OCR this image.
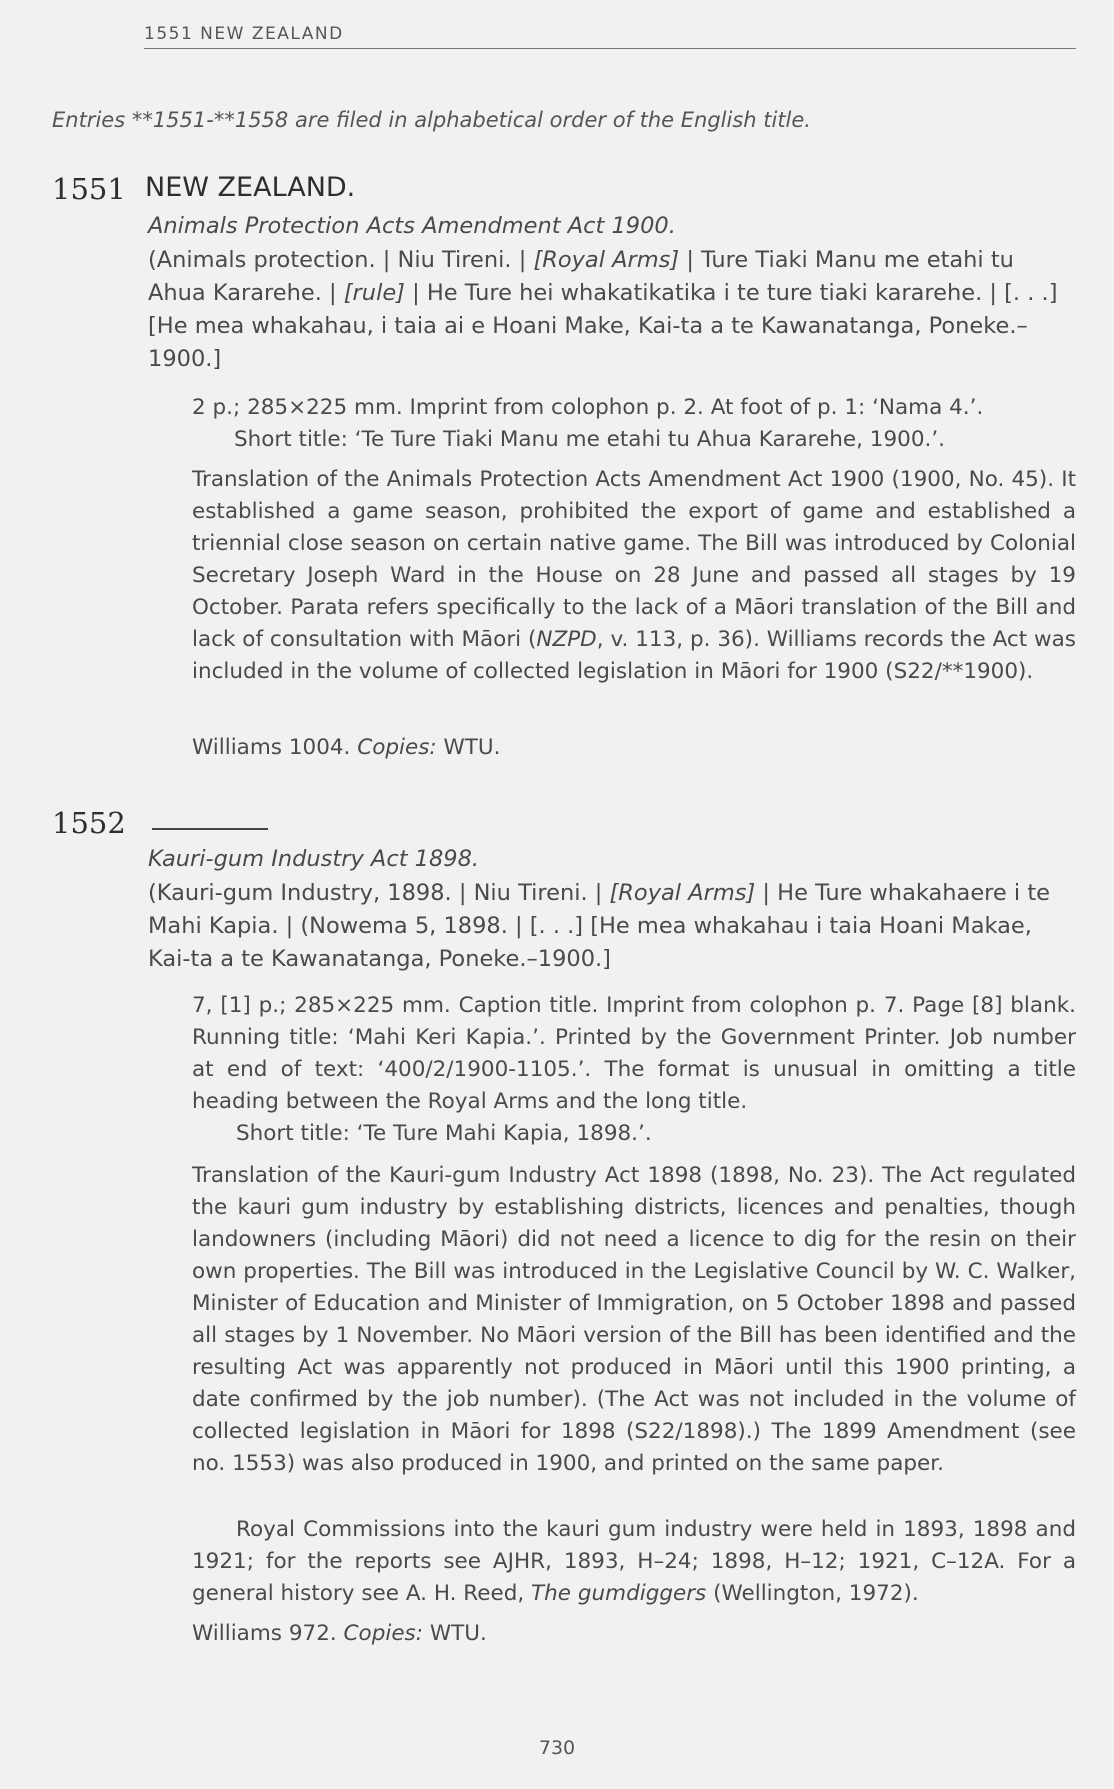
1551 NEW ZEALAND
Entries **1551-**1558 are filed in alphabetical order of the English title.
1551 NEW ZEALAND.
Animals Protection Acts Amendment Act 1900.
(Animals protection. | Niu Tireni. | [Royal Arms] | Ture Tiaki Manu me etahi tu Ahua Kararehe. | [rule] | He Ture hei whakatikatika i te ture tiaki kararehe. | [. . .] [He mea whakahau, i taia ai e Hoani Make, Kai-ta a te Kawanatanga, Poneke.–1900.]
2 p.; 285×225 mm. Imprint from colophon p. 2. At foot of p. 1: ‘Nama 4.’.
Short title: ‘Te Ture Tiaki Manu me etahi tu Ahua Kararehe, 1900.’.
Translation of the Animals Protection Acts Amendment Act 1900 (1900, No. 45). It established a game season, prohibited the export of game and established a triennial close season on certain native game. The Bill was introduced by Colonial Secretary Joseph Ward in the House on 28 June and passed all stages by 19 October. Parata refers specifically to the lack of a Māori translation of the Bill and lack of consultation with Māori (NZPD, v. 113, p. 36). Williams records the Act was included in the volume of collected legislation in Māori for 1900 (S22/**1900).
Williams 1004. Copies: WTU.
1552
Kauri-gum Industry Act 1898.
(Kauri-gum Industry, 1898. | Niu Tireni. | [Royal Arms] | He Ture whakahaere i te Mahi Kapia. | (Nowema 5, 1898. | [. . .] [He mea whakahau i taia Hoani Makae, Kai-ta a te Kawanatanga, Poneke.–1900.]
7, [1] p.; 285×225 mm. Caption title. Imprint from colophon p. 7. Page [8] blank. Running title: ‘Mahi Keri Kapia.’. Printed by the Government Printer. Job number at end of text: ‘400/2/1900-1105.’. The format is unusual in omitting a title heading between the Royal Arms and the long title.
Short title: ‘Te Ture Mahi Kapia, 1898.’.
Translation of the Kauri-gum Industry Act 1898 (1898, No. 23). The Act regulated the kauri gum industry by establishing districts, licences and penalties, though landowners (including Māori) did not need a licence to dig for the resin on their own properties. The Bill was introduced in the Legislative Council by W. C. Walker, Minister of Education and Minister of Immigration, on 5 October 1898 and passed all stages by 1 November. No Māori version of the Bill has been identified and the resulting Act was apparently not produced in Māori until this 1900 printing, a date confirmed by the job number). (The Act was not included in the volume of collected legislation in Māori for 1898 (S22/1898).) The 1899 Amendment (see no. 1553) was also produced in 1900, and printed on the same paper.
Royal Commissions into the kauri gum industry were held in 1893, 1898 and 1921; for the reports see AJHR, 1893, H–24; 1898, H–12; 1921, C–12A. For a general history see A. H. Reed, The gumdiggers (Wellington, 1972).
Williams 972. Copies: WTU.
730
